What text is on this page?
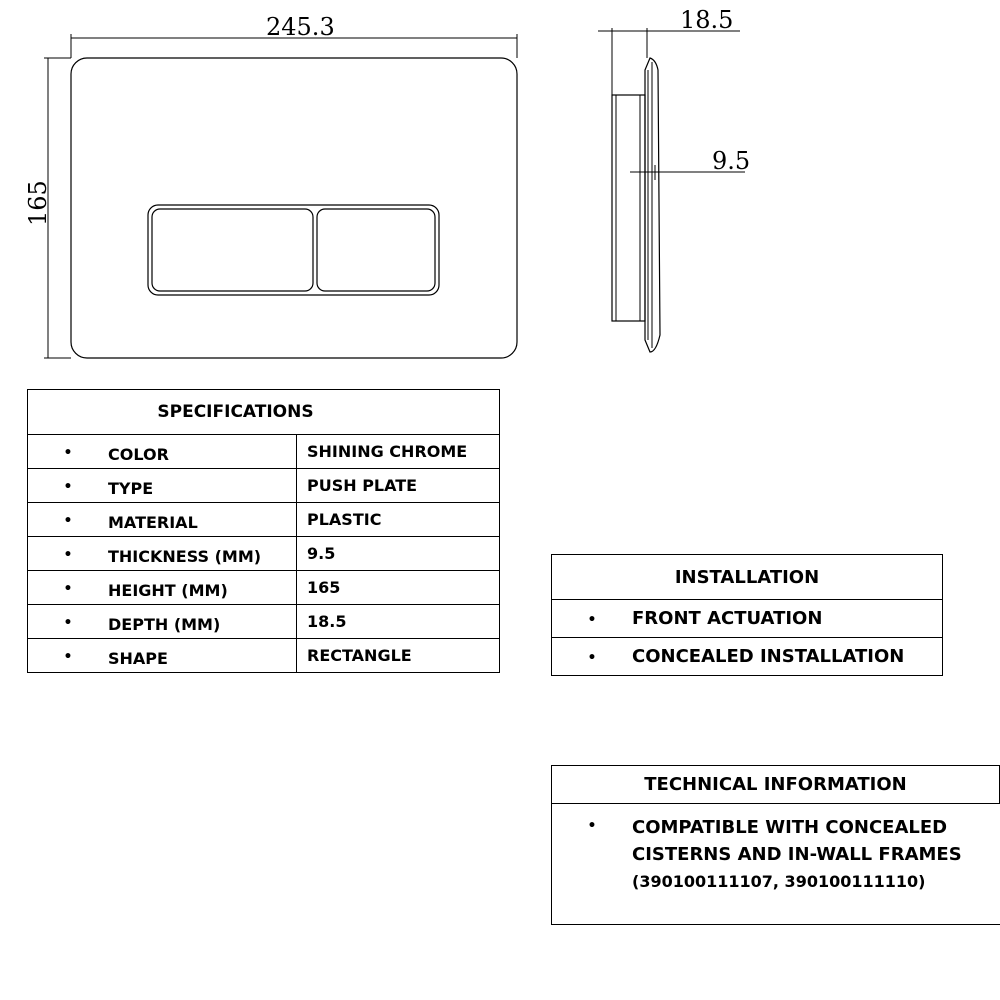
245.3
165
18.5
9.5
SPECIFICATIONS	
• COLOR	SHINING CHROME
• TYPE	PUSH PLATE
• MATERIAL	PLASTIC
• THICKNESS (MM)	9.5
• HEIGHT (MM)	165
• DEPTH (MM)	18.5
• SHAPE	RECTANGLE
INSTALLATION
• FRONT ACTUATION
• CONCEALED INSTALLATION
TECHNICAL INFORMATION

•	COMPATIBLE WITH CONCEALED
CISTERNS AND IN-WALL FRAMES
(390100111107, 390100111110)
